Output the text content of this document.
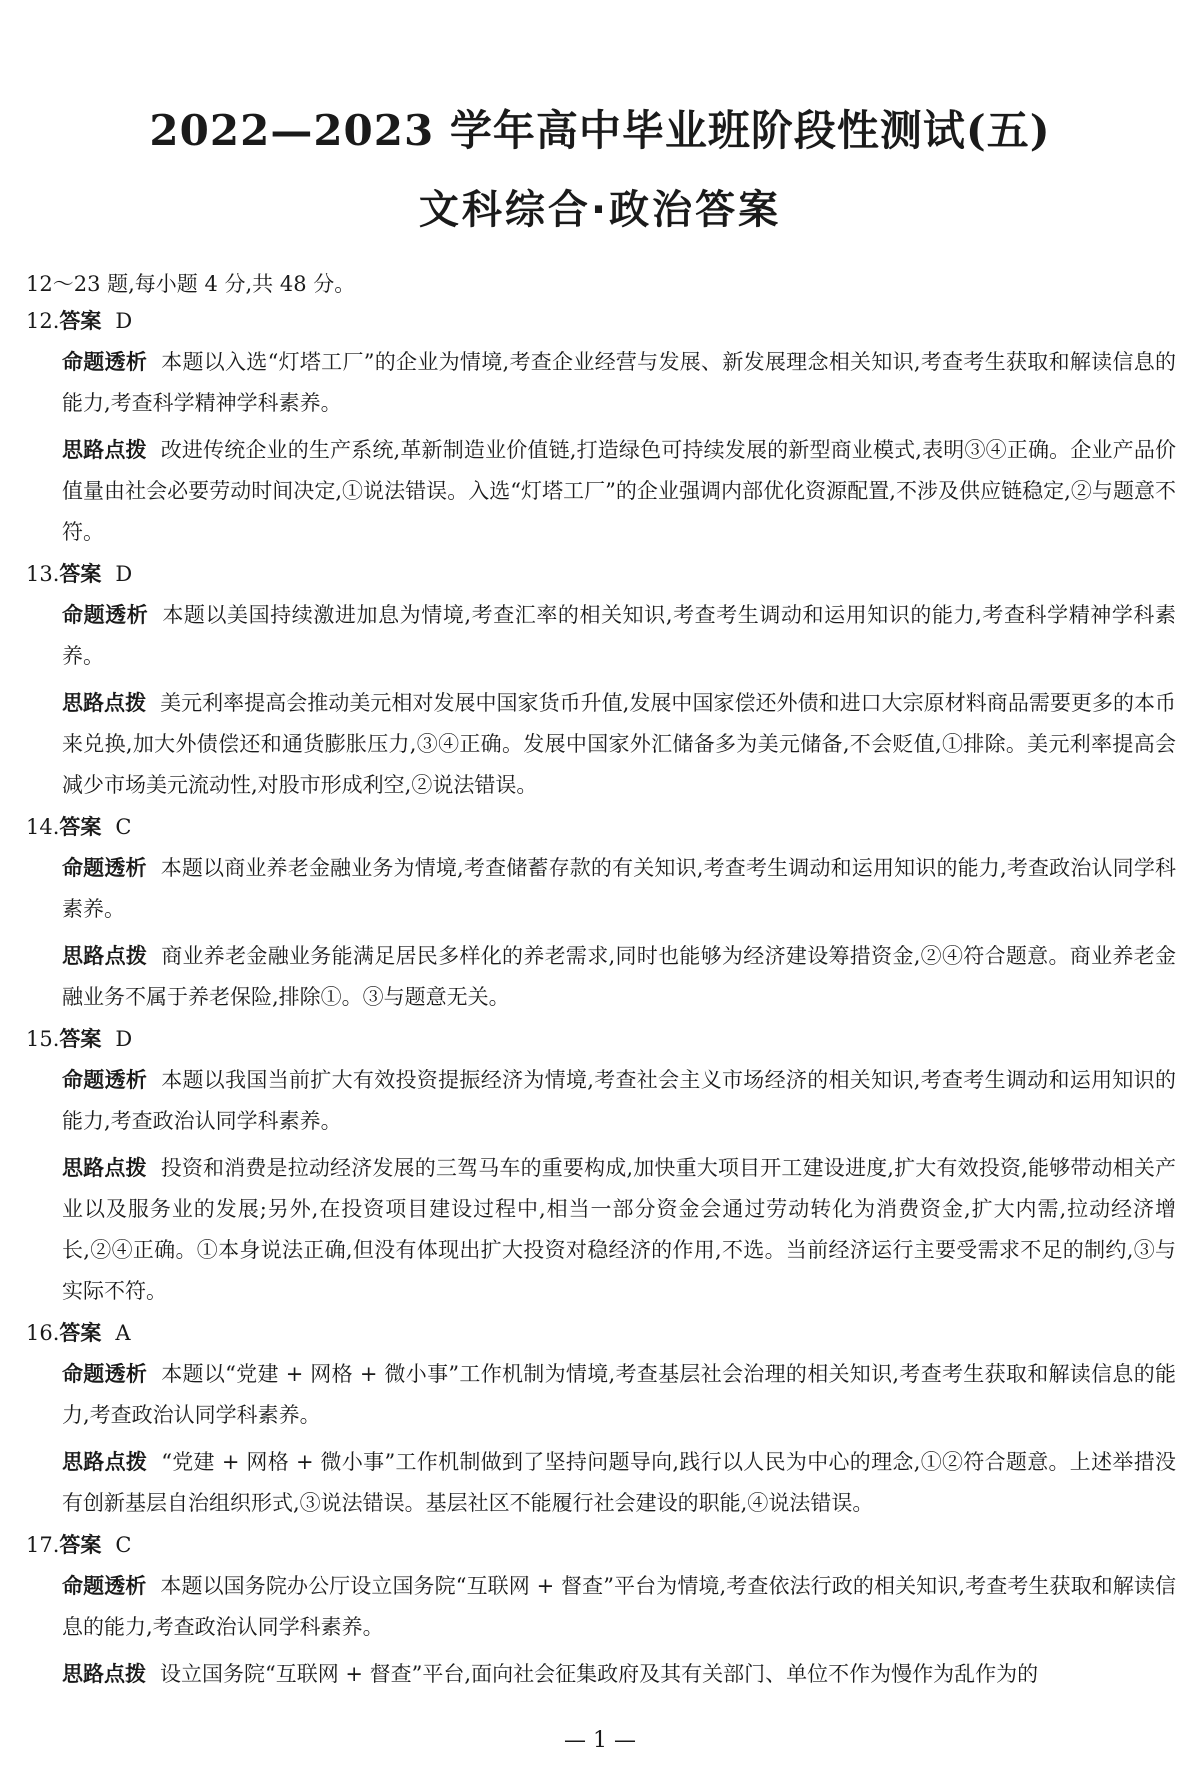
2022—2023 学年高中毕业班阶段性测试(五)
文科综合·政治答案
12～23 题,每小题 4 分,共 48 分。
12.答案 D
命题透析 本题以入选“灯塔工厂”的企业为情境,考查企业经营与发展、新发展理念相关知识,考查考生获取和解读信息的能力,考查科学精神学科素养。
思路点拨 改进传统企业的生产系统,革新制造业价值链,打造绿色可持续发展的新型商业模式,表明③④正确。企业产品价值量由社会必要劳动时间决定,①说法错误。入选“灯塔工厂”的企业强调内部优化资源配置,不涉及供应链稳定,②与题意不符。
13.答案 D
命题透析 本题以美国持续激进加息为情境,考查汇率的相关知识,考查考生调动和运用知识的能力,考查科学精神学科素养。
思路点拨 美元利率提高会推动美元相对发展中国家货币升值,发展中国家偿还外债和进口大宗原材料商品需要更多的本币来兑换,加大外债偿还和通货膨胀压力,③④正确。发展中国家外汇储备多为美元储备,不会贬值,①排除。美元利率提高会减少市场美元流动性,对股市形成利空,②说法错误。
14.答案 C
命题透析 本题以商业养老金融业务为情境,考查储蓄存款的有关知识,考查考生调动和运用知识的能力,考查政治认同学科素养。
思路点拨 商业养老金融业务能满足居民多样化的养老需求,同时也能够为经济建设筹措资金,②④符合题意。商业养老金融业务不属于养老保险,排除①。③与题意无关。
15.答案 D
命题透析 本题以我国当前扩大有效投资提振经济为情境,考查社会主义市场经济的相关知识,考查考生调动和运用知识的能力,考查政治认同学科素养。
思路点拨 投资和消费是拉动经济发展的三驾马车的重要构成,加快重大项目开工建设进度,扩大有效投资,能够带动相关产业以及服务业的发展;另外,在投资项目建设过程中,相当一部分资金会通过劳动转化为消费资金,扩大内需,拉动经济增长,②④正确。①本身说法正确,但没有体现出扩大投资对稳经济的作用,不选。当前经济运行主要受需求不足的制约,③与实际不符。
16.答案 A
命题透析 本题以“党建 + 网格 + 微小事”工作机制为情境,考查基层社会治理的相关知识,考查考生获取和解读信息的能力,考查政治认同学科素养。
思路点拨 “党建 + 网格 + 微小事”工作机制做到了坚持问题导向,践行以人民为中心的理念,①②符合题意。上述举措没有创新基层自治组织形式,③说法错误。基层社区不能履行社会建设的职能,④说法错误。
17.答案 C
命题透析 本题以国务院办公厅设立国务院“互联网 + 督查”平台为情境,考查依法行政的相关知识,考查考生获取和解读信息的能力,考查政治认同学科素养。
思路点拨 设立国务院“互联网 + 督查”平台,面向社会征集政府及其有关部门、单位不作为慢作为乱作为的
— 1 —
